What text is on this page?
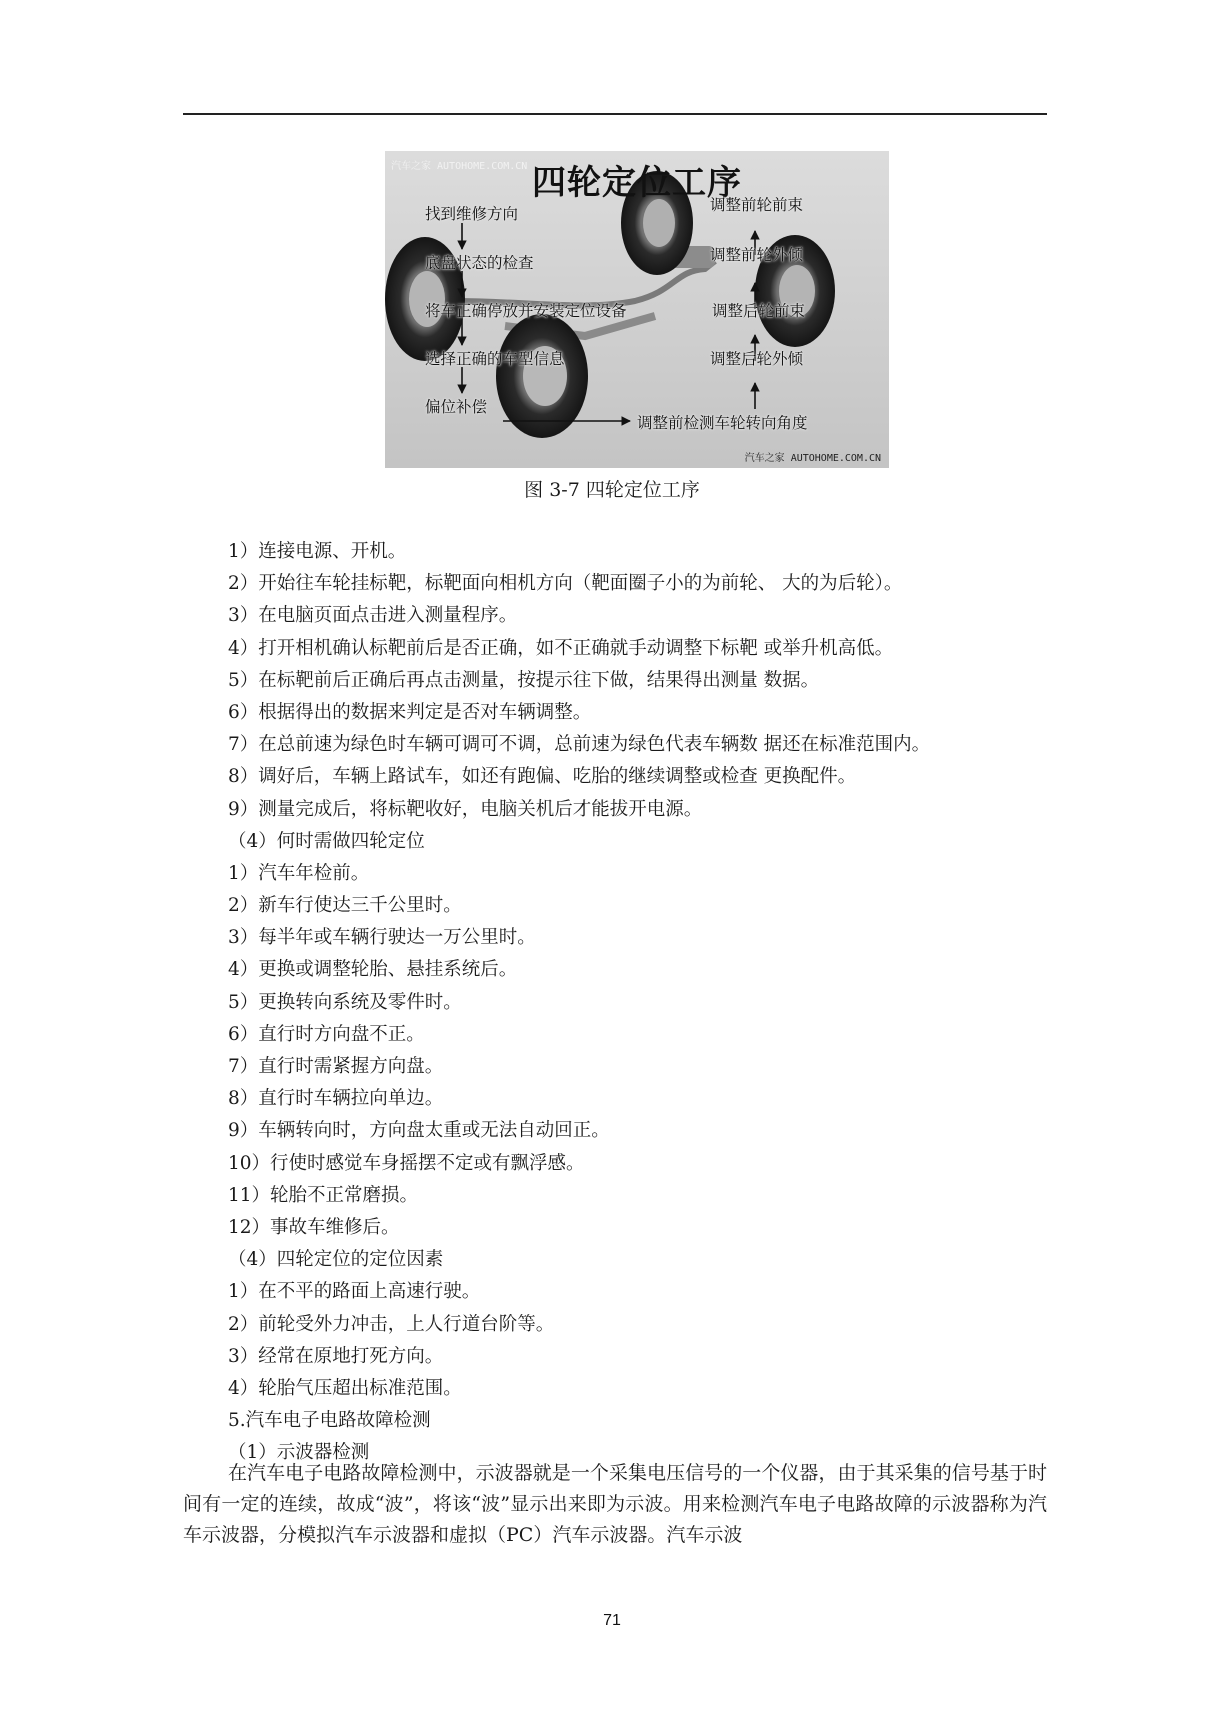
汽车之家 AUTOHOME.COM.CN 四轮定位工序
找到维修方向
底盘状态的检查
将车正确停放并安装定位设备
选择正确的车型信息
偏位补偿
调整前检测车轮转向角度
调整后轮外倾
调整后轮前束
调整前轮外倾
调整前轮前束
汽车之家 AUTOHOME.COM.CN
图 3-7 四轮定位工序
1）连接电源、开机。
2）开始往车轮挂标靶，标靶面向相机方向（靶面圈子小的为前轮、 大的为后轮）。
3）在电脑页面点击进入测量程序。
4）打开相机确认标靶前后是否正确，如不正确就手动调整下标靶 或举升机高低。
5）在标靶前后正确后再点击测量，按提示往下做，结果得出测量 数据。
6）根据得出的数据来判定是否对车辆调整。
7）在总前速为绿色时车辆可调可不调，总前速为绿色代表车辆数 据还在标准范围内。
8）调好后，车辆上路试车，如还有跑偏、吃胎的继续调整或检查 更换配件。
9）测量完成后，将标靶收好，电脑关机后才能拔开电源。
（4）何时需做四轮定位
1）汽车年检前。
2）新车行使达三千公里时。
3）每半年或车辆行驶达一万公里时。
4）更换或调整轮胎、悬挂系统后。
5）更换转向系统及零件时。
6）直行时方向盘不正。
7）直行时需紧握方向盘。
8）直行时车辆拉向单边。
9）车辆转向时，方向盘太重或无法自动回正。
10）行使时感觉车身摇摆不定或有飘浮感。
11）轮胎不正常磨损。
12）事故车维修后。
（4）四轮定位的定位因素
1）在不平的路面上高速行驶。
2）前轮受外力冲击，上人行道台阶等。
3）经常在原地打死方向。
4）轮胎气压超出标准范围。
5.汽车电子电路故障检测
（1）示波器检测
在汽车电子电路故障检测中，示波器就是一个采集电压信号的一个仪器，由于其采集的信号基于时间有一定的连续，故成“波”，将该“波”显示出来即为示波。用来检测汽车电子电路故障的示波器称为汽车示波器，分模拟汽车示波器和虚拟（PC）汽车示波器。汽车示波
71
